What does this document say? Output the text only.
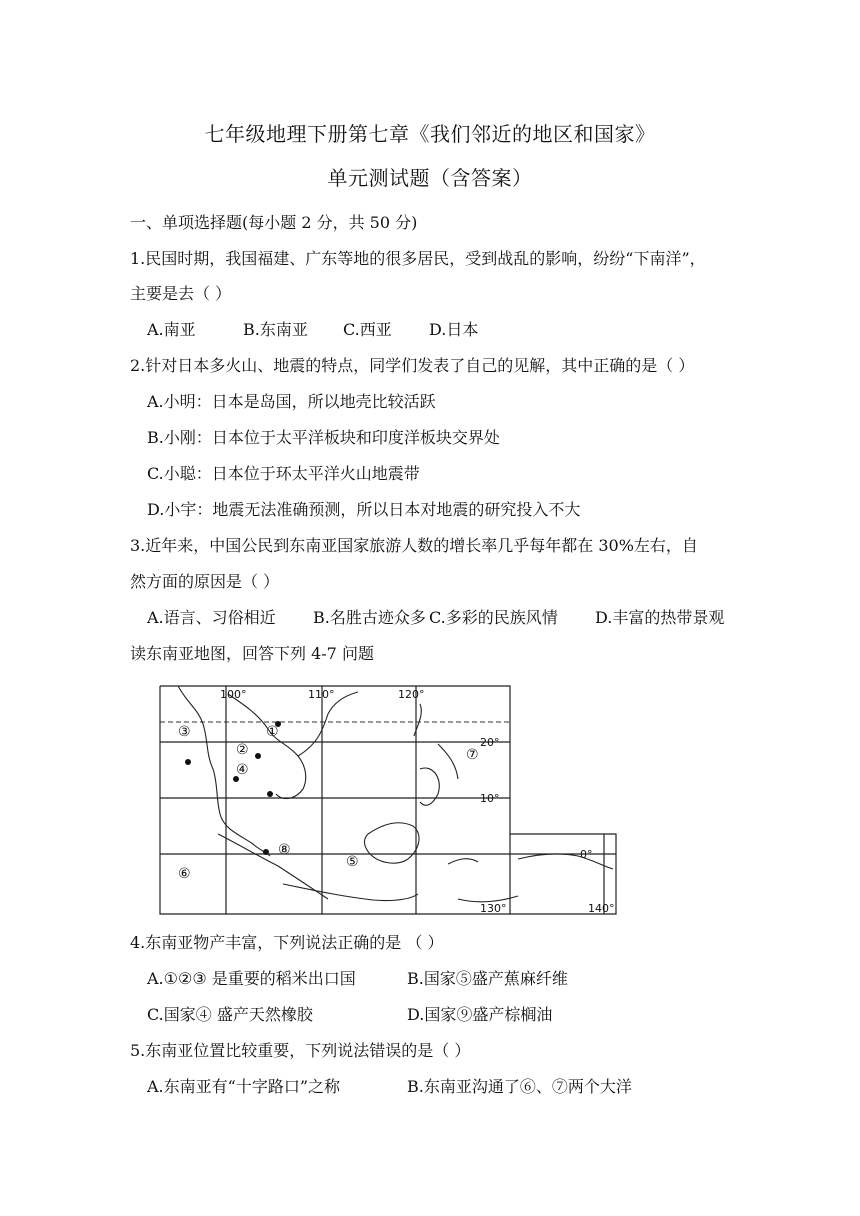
七年级地理下册第七章《我们邻近的地区和国家》
单元测试题（含答案）
一、单项选择题(每小题 2 分，共 50 分)
1.民国时期，我国福建、广东等地的很多居民，受到战乱的影响，纷纷“下南洋”，
主要是去（ ）
A.南亚	B.东南亚 C.西亚 D.日本
2.针对日本多火山、地震的特点，同学们发表了自己的见解，其中正确的是（ ）
A.小明：日本是岛国，所以地壳比较活跃
B.小刚：日本位于太平洋板块和印度洋板块交界处
C.小聪：日本位于环太平洋火山地震带
D.小宇：地震无法准确预测，所以日本对地震的研究投入不大
3.近年来，中国公民到东南亚国家旅游人数的增长率几乎每年都在 30%左右，自
然方面的原因是（ ）
A.语言、习俗相近 B.名胜古迹众多 C.多彩的民族风情 D.丰富的热带景观
读东南亚地图，回答下列 4-7 问题
100°	110°	120°
130°	140°
20°
10°
0°
①
②
③
④
⑤
⑥
⑦
⑧
4.东南亚物产丰富，下列说法正确的是 （ ）
A.①②③ 是重要的稻米出口国	B.国家⑤盛产蕉麻纤维
C.国家④ 盛产天然橡胶	D.国家⑨盛产棕榈油
5.东南亚位置比较重要，下列说法错误的是（ ）
A.东南亚有“十字路口”之称	B.东南亚沟通了⑥、⑦两个大洋
